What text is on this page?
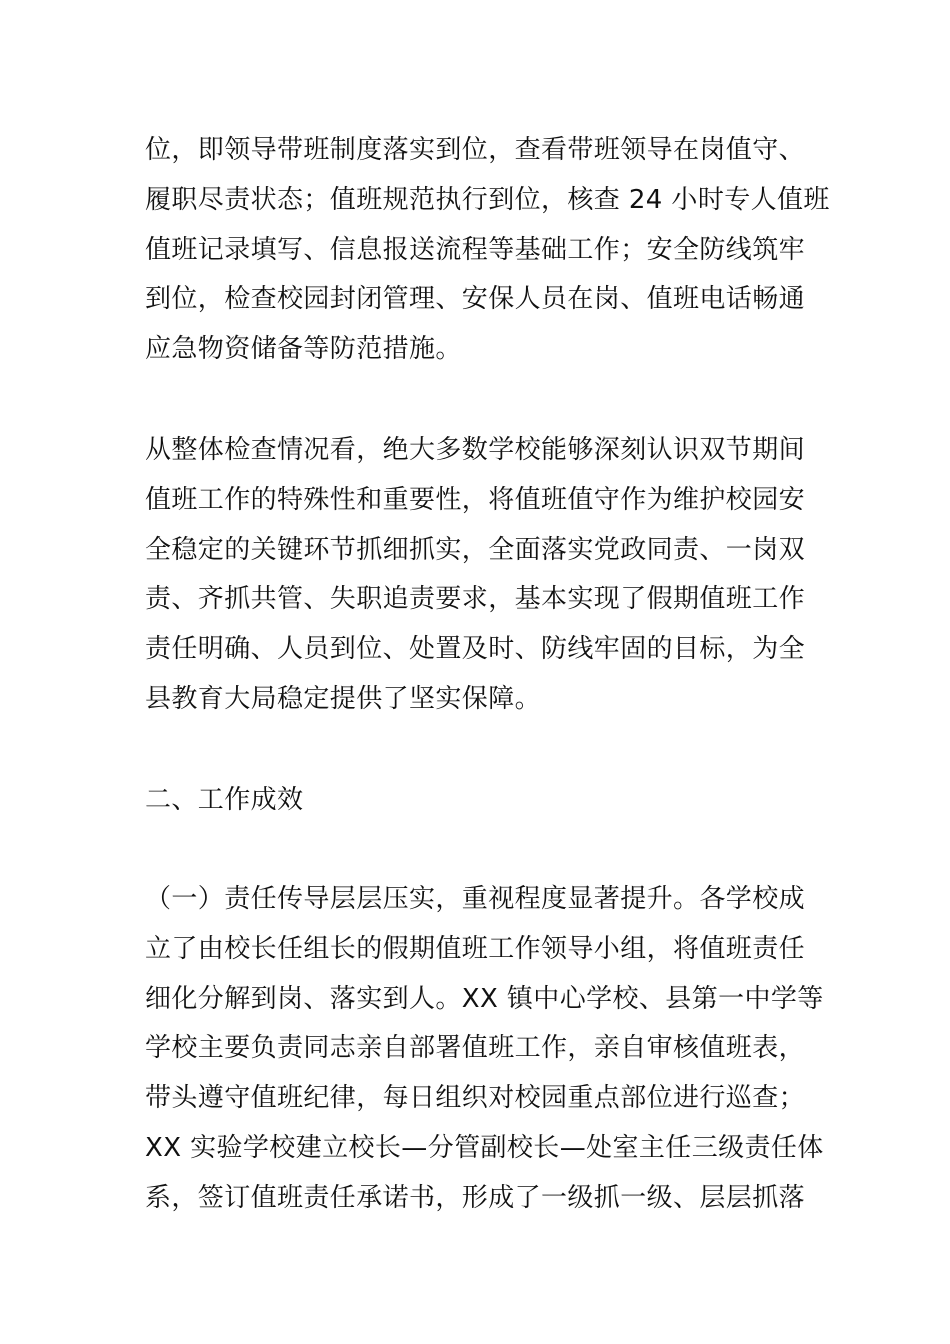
位，即领导带班制度落实到位，查看带班领导在岗值守、
履职尽责状态；值班规范执行到位，核查 24 小时专人值班
值班记录填写、信息报送流程等基础工作；安全防线筑牢
到位，检查校园封闭管理、安保人员在岗、值班电话畅通
应急物资储备等防范措施。
从整体检查情况看，绝大多数学校能够深刻认识双节期间
值班工作的特殊性和重要性，将值班值守作为维护校园安
全稳定的关键环节抓细抓实，全面落实党政同责、一岗双
责、齐抓共管、失职追责要求，基本实现了假期值班工作
责任明确、人员到位、处置及时、防线牢固的目标，为全
县教育大局稳定提供了坚实保障。
二、工作成效
（一）责任传导层层压实，重视程度显著提升。各学校成
立了由校长任组长的假期值班工作领导小组，将值班责任
细化分解到岗、落实到人。XX 镇中心学校、县第一中学等
学校主要负责同志亲自部署值班工作，亲自审核值班表，
带头遵守值班纪律，每日组织对校园重点部位进行巡查；
XX 实验学校建立校长—分管副校长—处室主任三级责任体
系，签订值班责任承诺书，形成了一级抓一级、层层抓落
